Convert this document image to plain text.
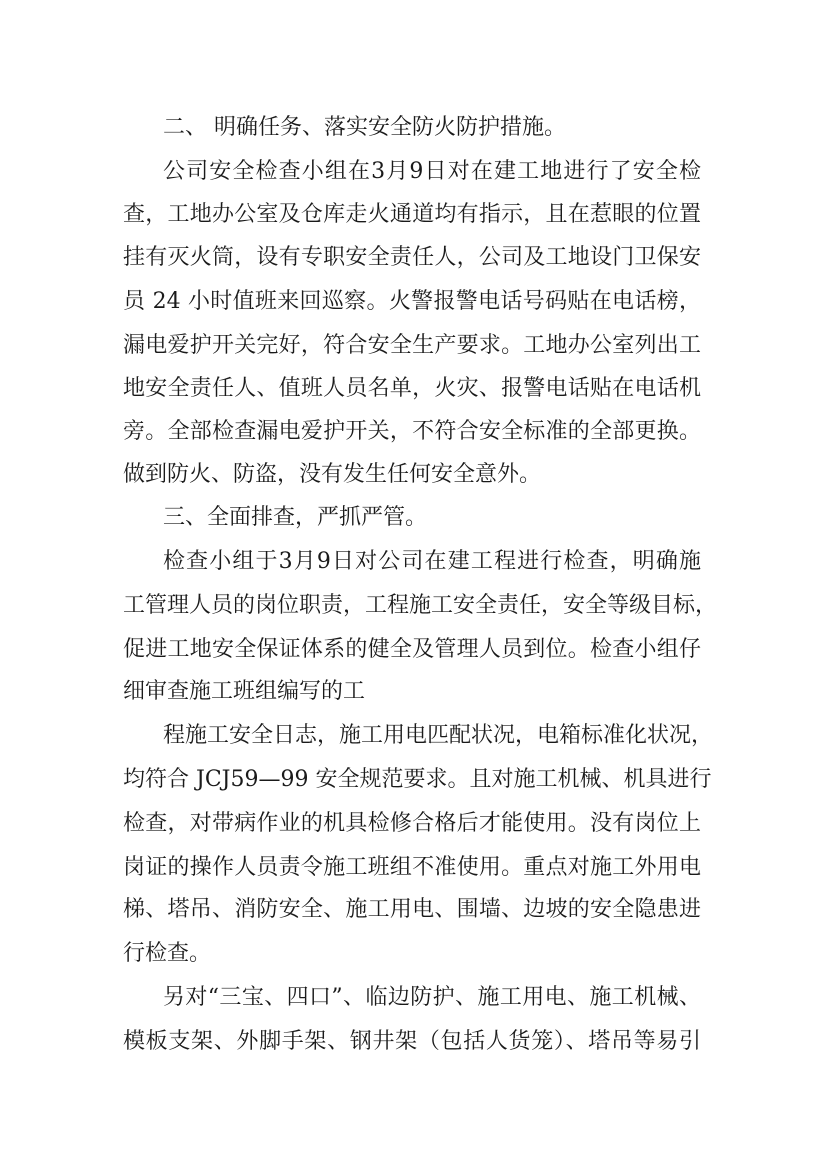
二、 明确任务、落实安全防火防护措施。
公司安全检查小组在3月9日对在建工地进行了安全检
查，工地办公室及仓库走火通道均有指示，且在惹眼的位置
挂有灭火筒，设有专职安全责任人，公司及工地设门卫保安
员 24 小时值班来回巡察。火警报警电话号码贴在电话榜，
漏电爱护开关完好，符合安全生产要求。工地办公室列出工
地安全责任人、值班人员名单，火灾、报警电话贴在电话机
旁。全部检查漏电爱护开关，不符合安全标准的全部更换。
做到防火、防盗，没有发生任何安全意外。
三、全面排查，严抓严管。
检查小组于3月9日对公司在建工程进行检查，明确施
工管理人员的岗位职责，工程施工安全责任，安全等级目标，
促进工地安全保证体系的健全及管理人员到位。检查小组仔
细审查施工班组编写的工
程施工安全日志，施工用电匹配状况，电箱标准化状况，
均符合 JCJ59—99 安全规范要求。且对施工机械、机具进行
检查，对带病作业的机具检修合格后才能使用。没有岗位上
岗证的操作人员责令施工班组不准使用。重点对施工外用电
梯、塔吊、消防安全、施工用电、围墙、边坡的安全隐患进
行检查。
另对“三宝、四口”、临边防护、施工用电、施工机械、
模板支架、外脚手架、钢井架（包括人货笼）、塔吊等易引
